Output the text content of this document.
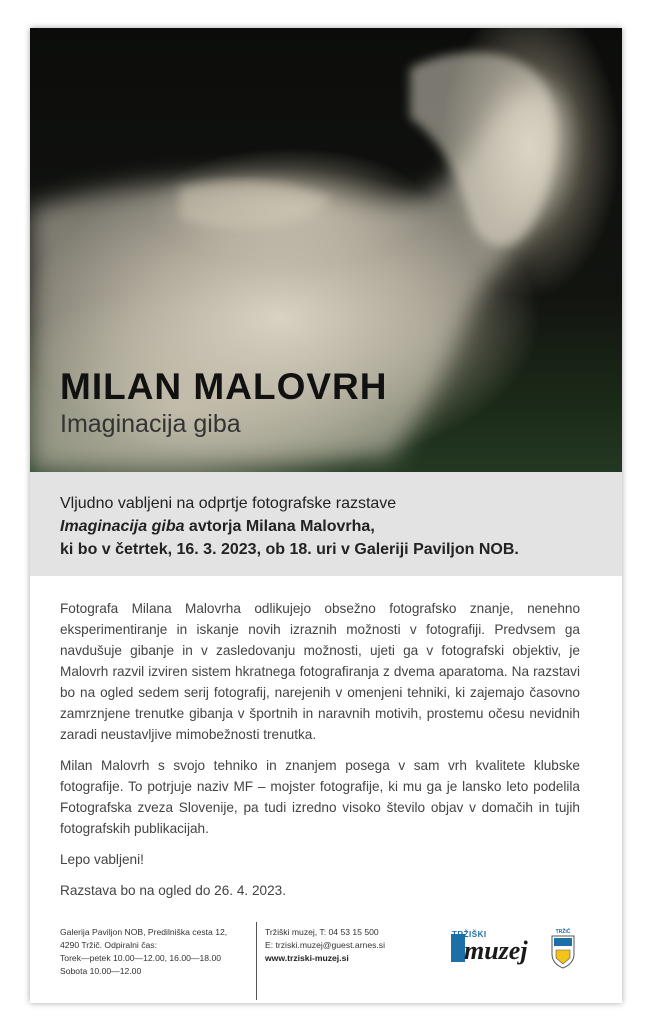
MILAN MALOVRH
Imaginacija giba
Vljudno vabljeni na odprtje fotografske razstave
Imaginacija giba avtorja Milana Malovrha,
ki bo v četrtek, 16. 3. 2023, ob 18. uri v Galeriji Paviljon NOB.

Fotografa Milana Malovrha odlikujejo obsežno fotografsko znanje, nenehno eksperimentiranje in iskanje novih izraznih možnosti v fotografiji. Predvsem ga navdušuje gibanje in v zasledovanju možnosti, ujeti ga v fotografski objektiv, je Malovrh razvil izviren sistem hkratnega fotografiranja z dvema aparatoma. Na razstavi bo na ogled sedem serij fotografij, narejenih v omenjeni tehniki, ki zajemajo časovno zamrznjene trenutke gibanja v športnih in naravnih motivih, prostemu očesu nevidnih zaradi neustavljive mimobežnosti trenutka.

Milan Malovrh s svojo tehniko in znanjem posega v sam vrh kvalitete klubske fotografije. To potrjuje naziv MF – mojster fotografije, ki mu ga je lansko leto podelila Fotografska zveza Slovenije, pa tudi izredno visoko število objav v domačih in tujih fotografskih publikacijah.

Lepo vabljeni!

Razstava bo na ogled do 26. 4. 2023.

Galerija Paviljon NOB, Predilniška cesta 12,
4290 Tržič. Odpiralni čas:
Torek—petek 10.00—12.00, 16.00—18.00
Sobota 10.00—12.00
Tržiški muzej, T: 04 53 15 500
E: trziski.muzej@guest.arnes.si
www.trziski-muzej.si
TRŽIŠKI
muzej
TRŽIČ
